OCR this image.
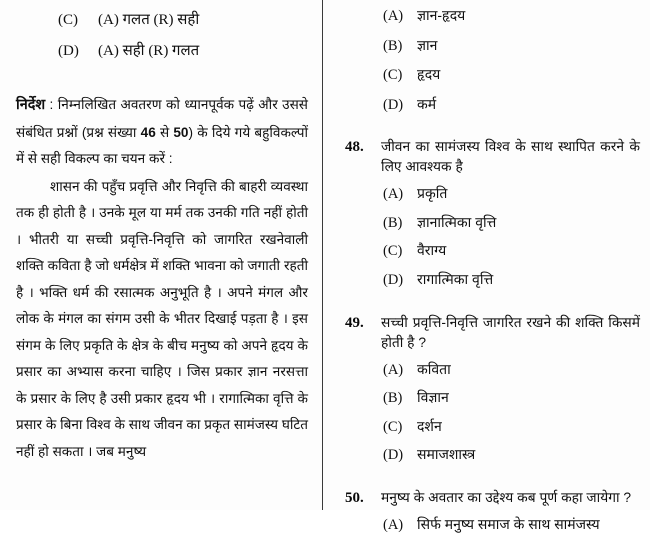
(C)	(A) गलत (R) सही
(D)	(A) सही (R) गलत
निर्देश : निम्नलिखित अवतरण को ध्यानपूर्वक पढ़ें और उससे संबंधित प्रश्नों (प्रश्न संख्या 46 से 50) के दिये गये बहुविकल्पों में से सही विकल्प का चयन करें :
शासन की पहुँच प्रवृत्ति और निवृत्ति की बाहरी व्यवस्था तक ही होती है । उनके मूल या मर्म तक उनकी गति नहीं होती । भीतरी या सच्ची प्रवृत्ति-निवृत्ति को जागरित रखनेवाली शक्ति कविता है जो धर्मक्षेत्र में शक्ति भावना को जगाती रहती है । भक्ति धर्म की रसात्मक अनुभूति है । अपने मंगल और लोक के मंगल का संगम उसी के भीतर दिखाई पड़ता है । इस संगम के लिए प्रकृति के क्षेत्र के बीच मनुष्य को अपने हृदय के प्रसार का अभ्यास करना चाहिए । जिस प्रकार ज्ञान नरसत्ता के प्रसार के लिए है उसी प्रकार हृदय भी । रागात्मिका वृत्ति के प्रसार के बिना विश्व के साथ जीवन का प्रकृत सामंजस्य घटित नहीं हो सकता । जब मनुष्य
(A) ज्ञान-हृदय
(B)	ज्ञान
(C)	हृदय
(D) कर्म
48.	जीवन का सामंजस्य विश्व के साथ स्थापित करने के लिए आवश्यक है
(A) प्रकृति
(B)	ज्ञानात्मिका वृत्ति
(C)	वैराग्य
(D) रागात्मिका वृत्ति
49.	सच्ची प्रवृत्ति-निवृत्ति जागरित रखने की शक्ति किसमें होती है ?
(A) कविता
(B)	विज्ञान
(C)	दर्शन
(D) समाजशास्त्र
50.	मनुष्य के अवतार का उद्देश्य कब पूर्ण कहा जायेगा ?
(A) सिर्फ मनुष्य समाज के साथ सामंजस्य
